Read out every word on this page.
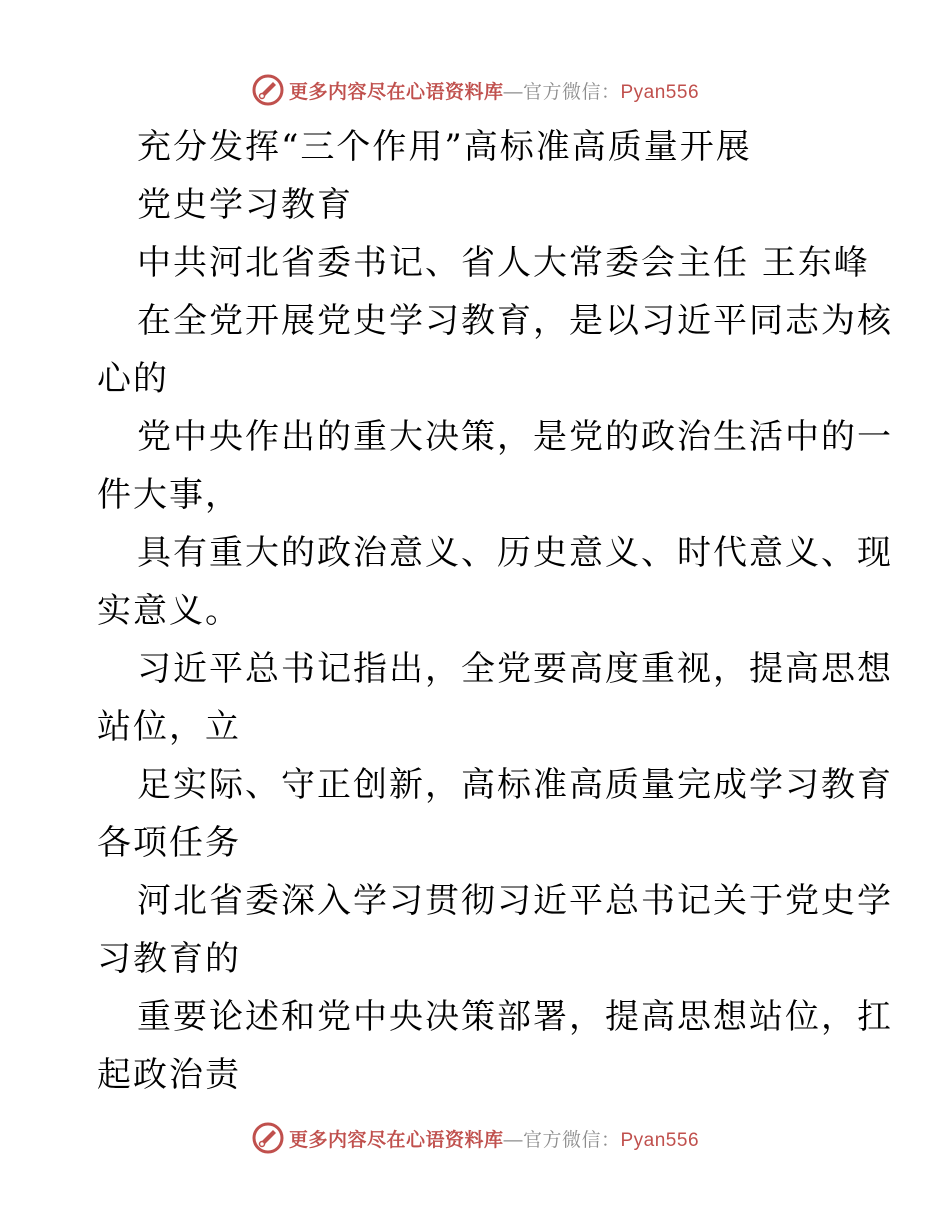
更多内容尽在心语资料库—官方微信：Pyan556
充分发挥“三个作用”高标准高质量开展
党史学习教育
中共河北省委书记、省人大常委会主任 王东峰
在全党开展党史学习教育，是以习近平同志为核
心的
党中央作出的重大决策，是党的政治生活中的一
件大事，
具有重大的政治意义、历史意义、时代意义、现
实意义。
习近平总书记指出，全党要高度重视，提高思想
站位，立
足实际、守正创新，高标准高质量完成学习教育
各项任务
河北省委深入学习贯彻习近平总书记关于党史学
习教育的
重要论述和党中央决策部署，提高思想站位，扛
起政治责
更多内容尽在心语资料库—官方微信：Pyan556
